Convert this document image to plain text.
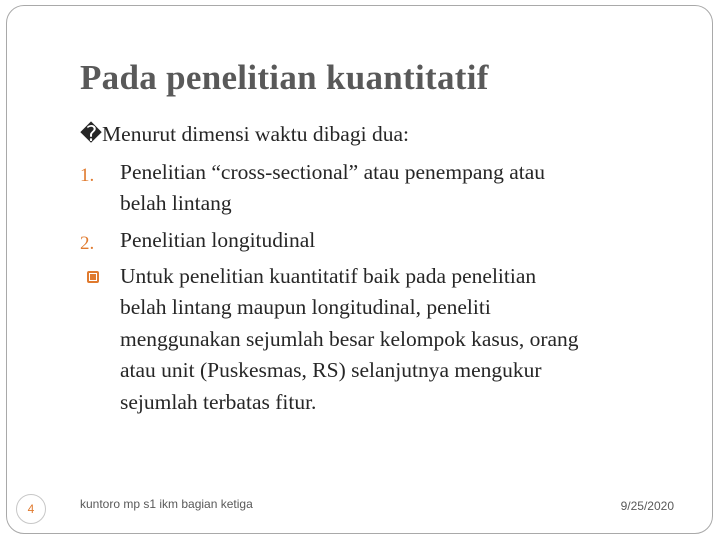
Pada penelitian kuantitatif
�Menurut dimensi waktu dibagi dua:
1. Penelitian “cross-sectional” atau penempang atau
belah lintang
2. Penelitian longitudinal
Untuk penelitian kuantitatif baik pada penelitian
belah lintang maupun longitudinal, peneliti
menggunakan sejumlah besar kelompok kasus, orang
atau unit (Puskesmas, RS) selanjutnya mengukur
sejumlah terbatas fitur.
4	kuntoro mp s1 ikm bagian ketiga	9/25/2020
